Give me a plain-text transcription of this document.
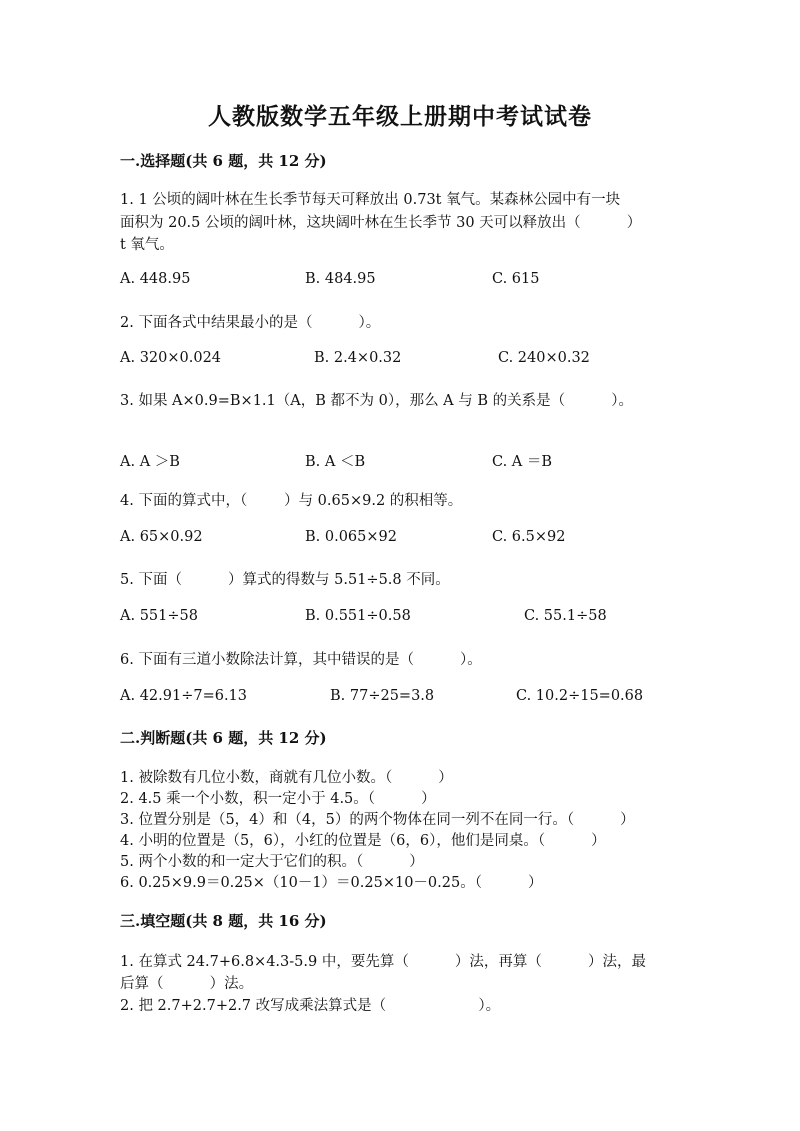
人教版数学五年级上册期中考试试卷
一.选择题(共 6 题，共 12 分)
1. 1 公顷的阔叶林在生长季节每天可释放出 0.73t 氧气。某森林公园中有一块
面积为 20.5 公顷的阔叶林，这块阔叶林在生长季节 30 天可以释放出（          ）
t 氧气。
A. 448.95	B. 484.95	C. 615
2. 下面各式中结果最小的是（          ）。
A. 320×0.024	B. 2.4×0.32	C. 240×0.32
3. 如果 A×0.9=B×1.1（A，B 都不为 0），那么 A 与 B 的关系是（          ）。
A. A ＞B	B. A ＜B	C. A ＝B
4. 下面的算式中，（        ）与 0.65×9.2 的积相等。
A. 65×0.92	B. 0.065×92	C. 6.5×92
5. 下面（          ）算式的得数与 5.51÷5.8 不同。
A. 551÷58	B. 0.551÷0.58	C. 55.1÷58
6. 下面有三道小数除法计算，其中错误的是（          ）。
A. 42.91÷7=6.13	B. 77÷25=3.8	C. 10.2÷15=0.68
二.判断题(共 6 题，共 12 分)
1. 被除数有几位小数，商就有几位小数。（          ）
2. 4.5 乘一个小数，积一定小于 4.5。（          ）
3. 位置分别是（5，4）和（4，5）的两个物体在同一列不在同一行。（          ）
4. 小明的位置是（5，6），小红的位置是（6，6），他们是同桌。（          ）
5. 两个小数的和一定大于它们的积。（          ）
6. 0.25×9.9＝0.25×（10－1）＝0.25×10－0.25。（          ）
三.填空题(共 8 题，共 16 分)
1. 在算式 24.7+6.8×4.3-5.9 中，要先算（          ）法，再算（          ）法，最
后算（          ）法。
2. 把 2.7+2.7+2.7 改写成乘法算式是（                    ）。
